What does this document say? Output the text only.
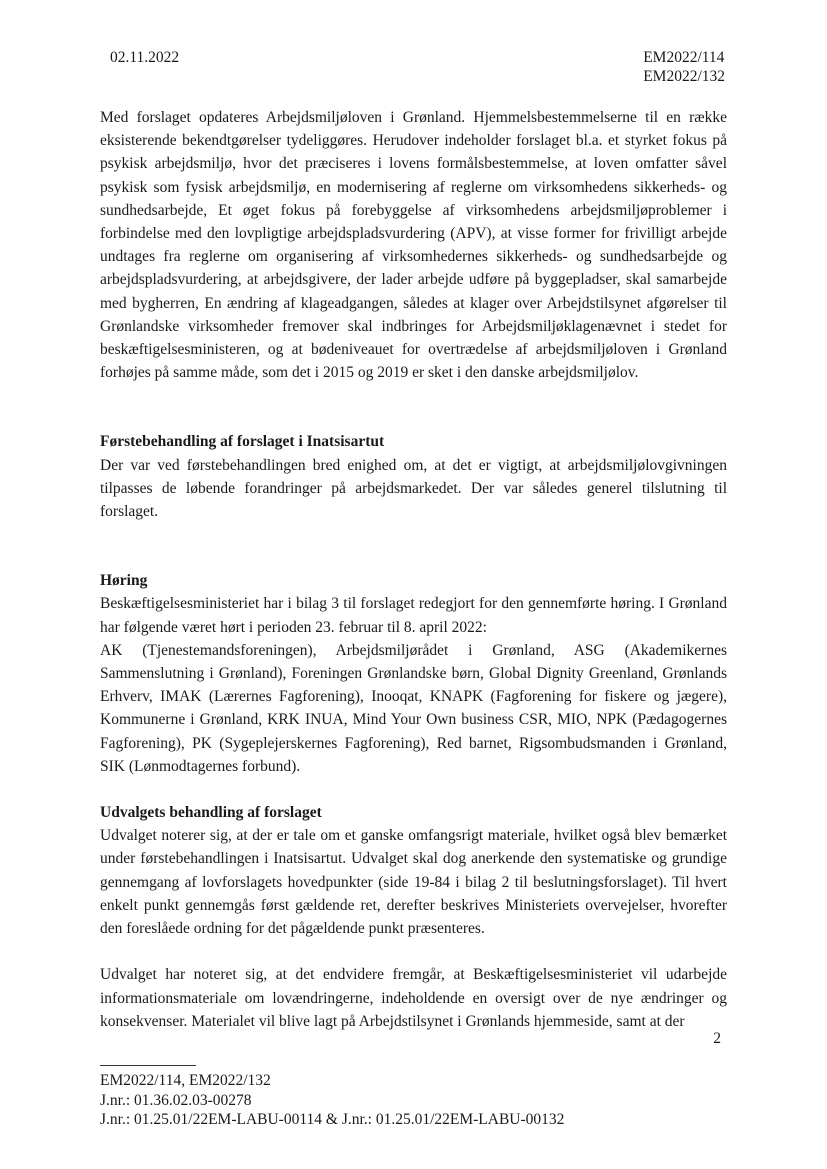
02.11.2022	EM2022/114
EM2022/132

Med forslaget opdateres Arbejdsmiljøloven i Grønland. Hjemmelsbestemmelserne til en række eksisterende bekendtgørelser tydeliggøres. Herudover indeholder forslaget bl.a. et styrket fokus på psykisk arbejdsmiljø, hvor det præciseres i lovens formålsbestemmelse, at loven omfatter såvel psykisk som fysisk arbejdsmiljø, en modernisering af reglerne om virksomhedens sikkerheds- og sundhedsarbejde, Et øget fokus på forebyggelse af virksomhedens arbejdsmiljøproblemer i forbindelse med den lovpligtige arbejdspladsvurdering (APV), at visse former for frivilligt arbejde undtages fra reglerne om organisering af virksomhedernes sikkerheds- og sundhedsarbejde og arbejdspladsvurdering, at arbejdsgivere, der lader arbejde udføre på byggepladser, skal samarbejde med bygherren, En ændring af klageadgangen, således at klager over Arbejdstilsynet afgørelser til Grønlandske virksomheder fremover skal indbringes for Arbejdsmiljøklagenævnet i stedet for beskæftigelsesministeren, og at bødeniveauet for overtrædelse af arbejdsmiljøloven i Grønland forhøjes på samme måde, som det i 2015 og 2019 er sket i den danske arbejdsmiljølov.

Førstebehandling af forslaget i Inatsisartut

Der var ved førstebehandlingen bred enighed om, at det er vigtigt, at arbejdsmiljølovgivningen tilpasses de løbende forandringer på arbejdsmarkedet. Der var således generel tilslutning til forslaget.

Høring

Beskæftigelsesministeriet har i bilag 3 til forslaget redegjort for den gennemførte høring. I Grønland har følgende været hørt i perioden 23. februar til 8. april 2022:

AK (Tjenestemandsforeningen), Arbejdsmiljørådet i Grønland, ASG (Akademikernes Sammenslutning i Grønland), Foreningen Grønlandske børn, Global Dignity Greenland, Grønlands Erhverv, IMAK (Lærernes Fagforening), Inooqat, KNAPK (Fagforening for fiskere og jægere), Kommunerne i Grønland, KRK INUA, Mind Your Own business CSR, MIO, NPK (Pædagogernes Fagforening), PK (Sygeplejerskernes Fagforening), Red barnet, Rigsombudsmanden i Grønland, SIK (Lønmodtagernes forbund).

Udvalgets behandling af forslaget

Udvalget noterer sig, at der er tale om et ganske omfangsrigt materiale, hvilket også blev bemærket under førstebehandlingen i Inatsisartut. Udvalget skal dog anerkende den systematiske og grundige gennemgang af lovforslagets hovedpunkter (side 19-84 i bilag 2 til beslutningsforslaget). Til hvert enkelt punkt gennemgås først gældende ret, derefter beskrives Ministeriets overvejelser, hvorefter den foreslåede ordning for det pågældende punkt præsenteres.

Udvalget har noteret sig, at det endvidere fremgår, at Beskæftigelsesministeriet vil udarbejde informationsmateriale om lovændringerne, indeholdende en oversigt over de nye ændringer og konsekvenser. Materialet vil blive lagt på Arbejdstilsynet i Grønlands hjemmeside, samt at der

2
EM2022/114, EM2022/132
J.nr.: 01.36.02.03-00278
J.nr.: 01.25.01/22EM-LABU-00114 & J.nr.: 01.25.01/22EM-LABU-00132
